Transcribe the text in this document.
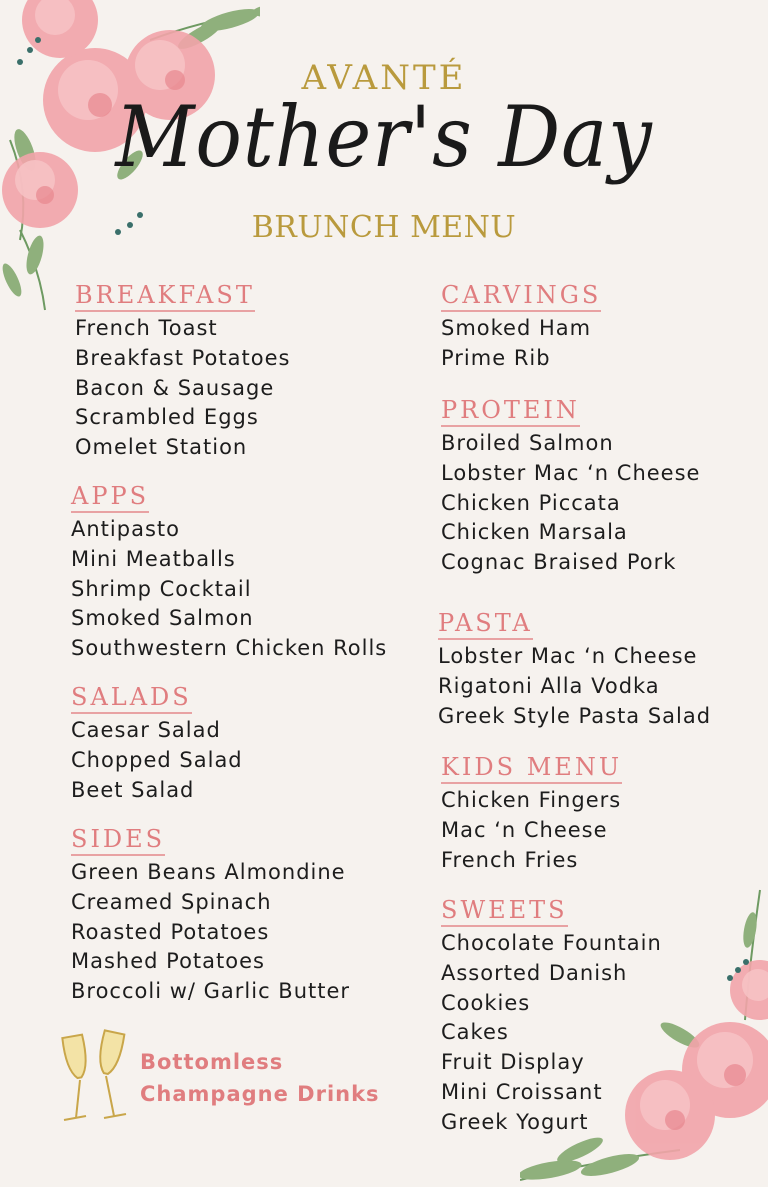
AVANTÉ
Mother's Day
BRUNCH MENU
BREAKFAST
French Toast
Breakfast Potatoes
Bacon & Sausage
Scrambled Eggs
Omelet Station
APPS
Antipasto
Mini Meatballs
Shrimp Cocktail
Smoked Salmon
Southwestern Chicken Rolls
SALADS
Caesar Salad
Chopped Salad
Beet Salad
SIDES
Green Beans Almondine
Creamed Spinach
Roasted Potatoes
Mashed Potatoes
Broccoli w/ Garlic Butter
CARVINGS
Smoked Ham
Prime Rib
PROTEIN
Broiled Salmon
Lobster Mac ‘n Cheese
Chicken Piccata
Chicken Marsala
Cognac Braised Pork
PASTA
Lobster Mac ‘n Cheese
Rigatoni Alla Vodka
Greek Style Pasta Salad
KIDS MENU
Chicken Fingers
Mac ‘n Cheese
French Fries
SWEETS
Chocolate Fountain
Assorted Danish
Cookies
Cakes
Fruit Display
Mini Croissant
Greek Yogurt
Bottomless
Champagne Drinks
